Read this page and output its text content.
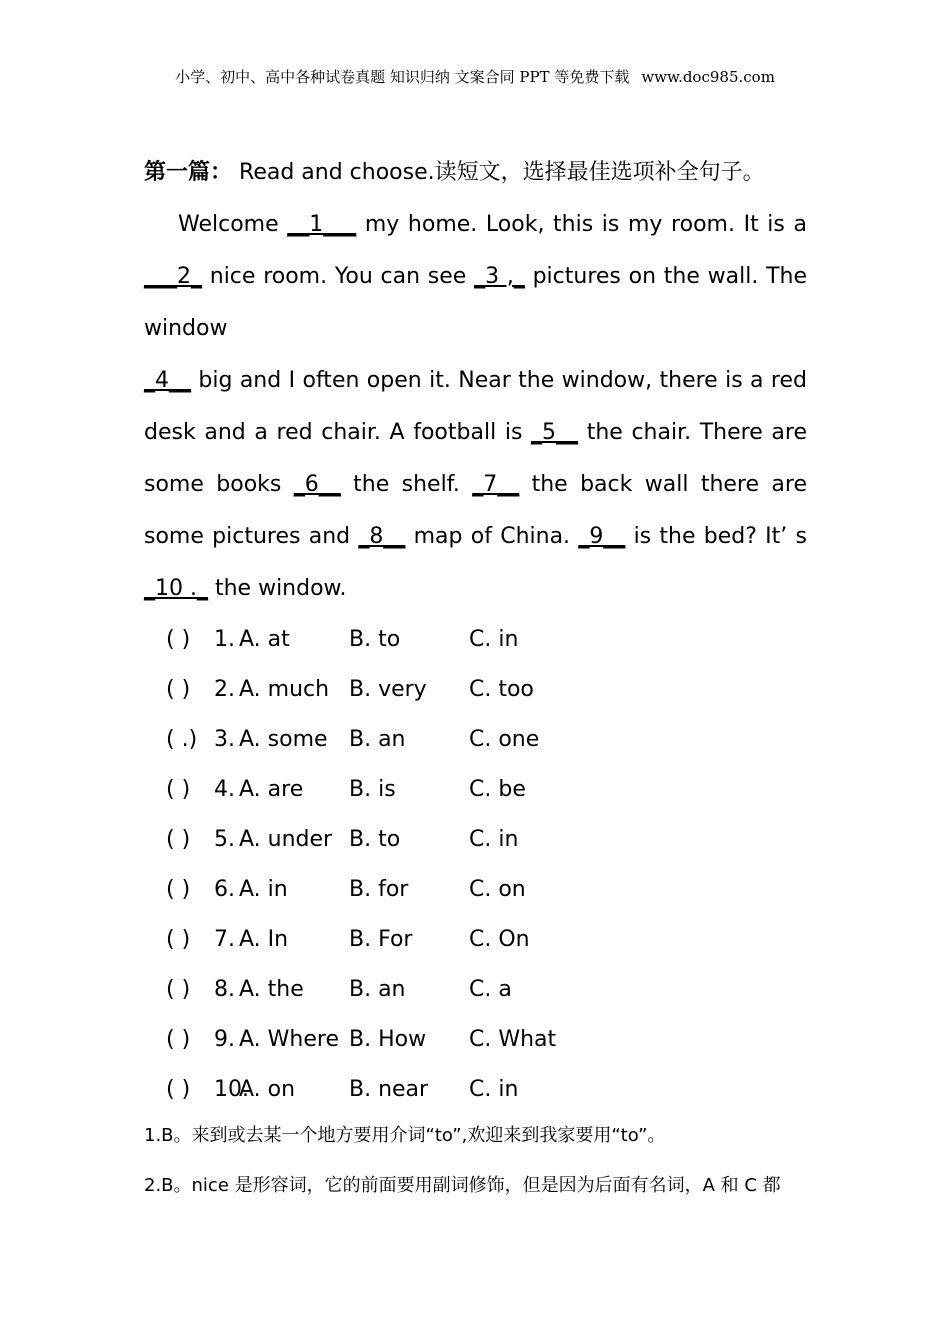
小学、初中、高中各种试卷真题 知识归纳 文案合同 PPT 等免费下载 www.doc985.com
第一篇： Read and choose.读短文，选择最佳选项补全句子。

Welcome __1___ my home. Look, this is my room. It is a ___2_ nice room. You can see _3 ,_ pictures on the wall. The window

_4__ big and I often open it. Near the window, there is a red desk and a red chair. A football is _5__ the chair. There are some books _6__ the shelf. _7__ the back wall there are some pictures and _8__ map of China. _9__ is the bed? It’ s _10 ._ the window.

( ) 1. A. at	B. to	C. in
( ) 2. A. much B. very C. too
( .) 3. A. some B. an	C. one
( ) 4. A. are B. is	C. be
( ) 5. A. under B. to	C. in
( ) 6. A. in	B. for	C. on
( ) 7. A. In	B. For	C. On
( ) 8. A. the B. an	C. a
( ) 9. A. Where B. How C. What
( ) 10.
A. on B. near C. in
1.B。来到或去某一个地方要用介词“to”,欢迎来到我家要用“to”。
2.B。nice 是形容词，它的前面要用副词修饰，但是因为后面有名词，A 和 C 都
